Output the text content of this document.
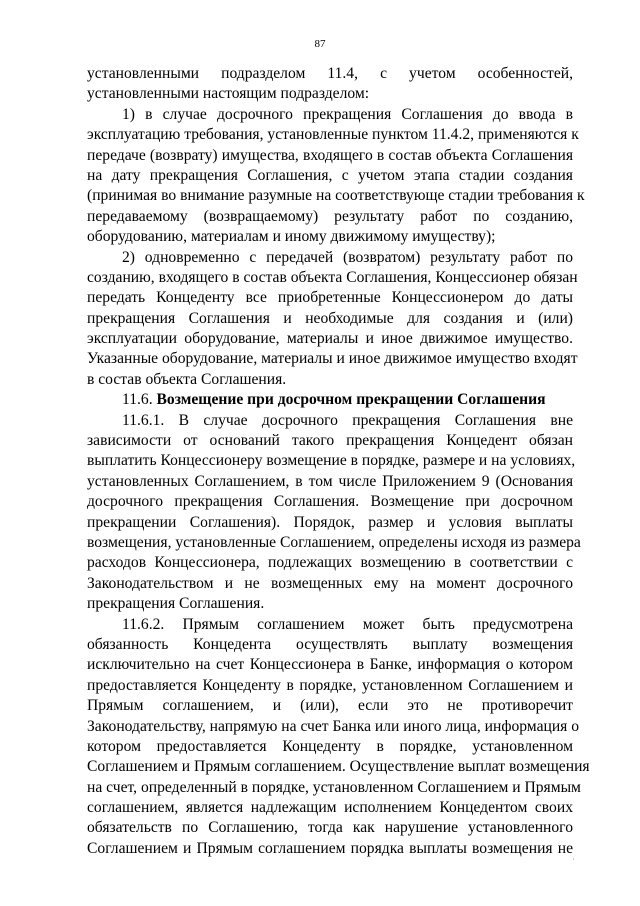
87
установленными подразделом 11.4, с учетом особенностей,
установленными настоящим подразделом:
1) в случае досрочного прекращения Соглашения до ввода в
эксплуатацию требования, установленные пунктом 11.4.2, применяются к
передаче (возврату) имущества, входящего в состав объекта Соглашения
на дату прекращения Соглашения, с учетом этапа стадии создания
(принимая во внимание разумные на соответствующе стадии требования к
передаваемому (возвращаемому) результату работ по созданию,
оборудованию, материалам и иному движимому имуществу);
2) одновременно с передачей (возвратом) результату работ по
созданию, входящего в состав объекта Соглашения, Концессионер обязан
передать Концеденту все приобретенные Концессионером до даты
прекращения Соглашения и необходимые для создания и (или)
эксплуатации оборудование, материалы и иное движимое имущество.
Указанные оборудование, материалы и иное движимое имущество входят
в состав объекта Соглашения.
11.6. Возмещение при досрочном прекращении Соглашения
11.6.1. В случае досрочного прекращения Соглашения вне
зависимости от оснований такого прекращения Концедент обязан
выплатить Концессионеру возмещение в порядке, размере и на условиях,
установленных Соглашением, в том числе Приложением 9 (Основания
досрочного прекращения Соглашения. Возмещение при досрочном
прекращении Соглашения). Порядок, размер и условия выплаты
возмещения, установленные Соглашением, определены исходя из размера
расходов Концессионера, подлежащих возмещению в соответствии с
Законодательством и не возмещенных ему на момент досрочного
прекращения Соглашения.
11.6.2. Прямым соглашением может быть предусмотрена
обязанность Концедента осуществлять выплату возмещения
исключительно на счет Концессионера в Банке, информация о котором
предоставляется Концеденту в порядке, установленном Соглашением и
Прямым соглашением, и (или), если это не противоречит
Законодательству, напрямую на счет Банка или иного лица, информация о
котором предоставляется Концеденту в порядке, установленном
Соглашением и Прямым соглашением. Осуществление выплат возмещения
на счет, определенный в порядке, установленном Соглашением и Прямым
соглашением, является надлежащим исполнением Концедентом своих
обязательств по Соглашению, тогда как нарушение установленного
Соглашением и Прямым соглашением порядка выплаты возмещения не
·
